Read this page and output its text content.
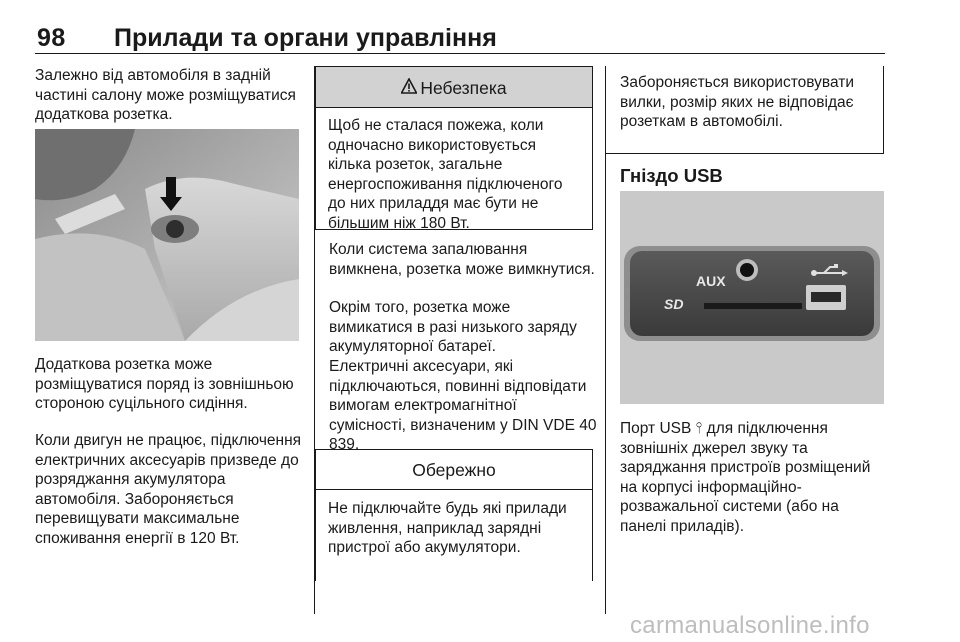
98 Прилади та органи управління

Залежно від автомобіля в задній частині салону може розміщуватися додаткова розетка.

Додаткова розетка може розміщуватися поряд із зовнішньою стороною суцільного сидіння.

Коли двигун не працює, підключення електричних аксесуарів призведе до розряджання акумулятора автомобіля. Забороняється перевищувати максимальне споживання енергії в 120 Вт.

Небезпека
Щоб не сталася пожежа, коли одночасно використовується кілька розеток, загальне енергоспоживання підключеного до них приладдя має бути не більшим ніж 180 Вт.

Коли система запалювання вимкнена, розетка може вимкнутися.

Окрім того, розетка може вимикатися в разі низького заряду акумуляторної батареї.

Електричні аксесуари, які підключаються, повинні відповідати вимогам електромагнітної сумісності, визначеним у DIN VDE 40 839.

Обережно
Не підключайте будь які прилади живлення, наприклад зарядні пристрої або акумулятори.
Забороняється використовувати вилки, розмір яких не відповідає розеткам в автомобілі.
Гніздо USB
AUX
SD

Порт USB ⫯ для підключення зовнішніх джерел звуку та заряджання пристроїв розміщений на корпусі інформаційно-розважальної системи (або на панелі приладів).

carmanualsonline.info
